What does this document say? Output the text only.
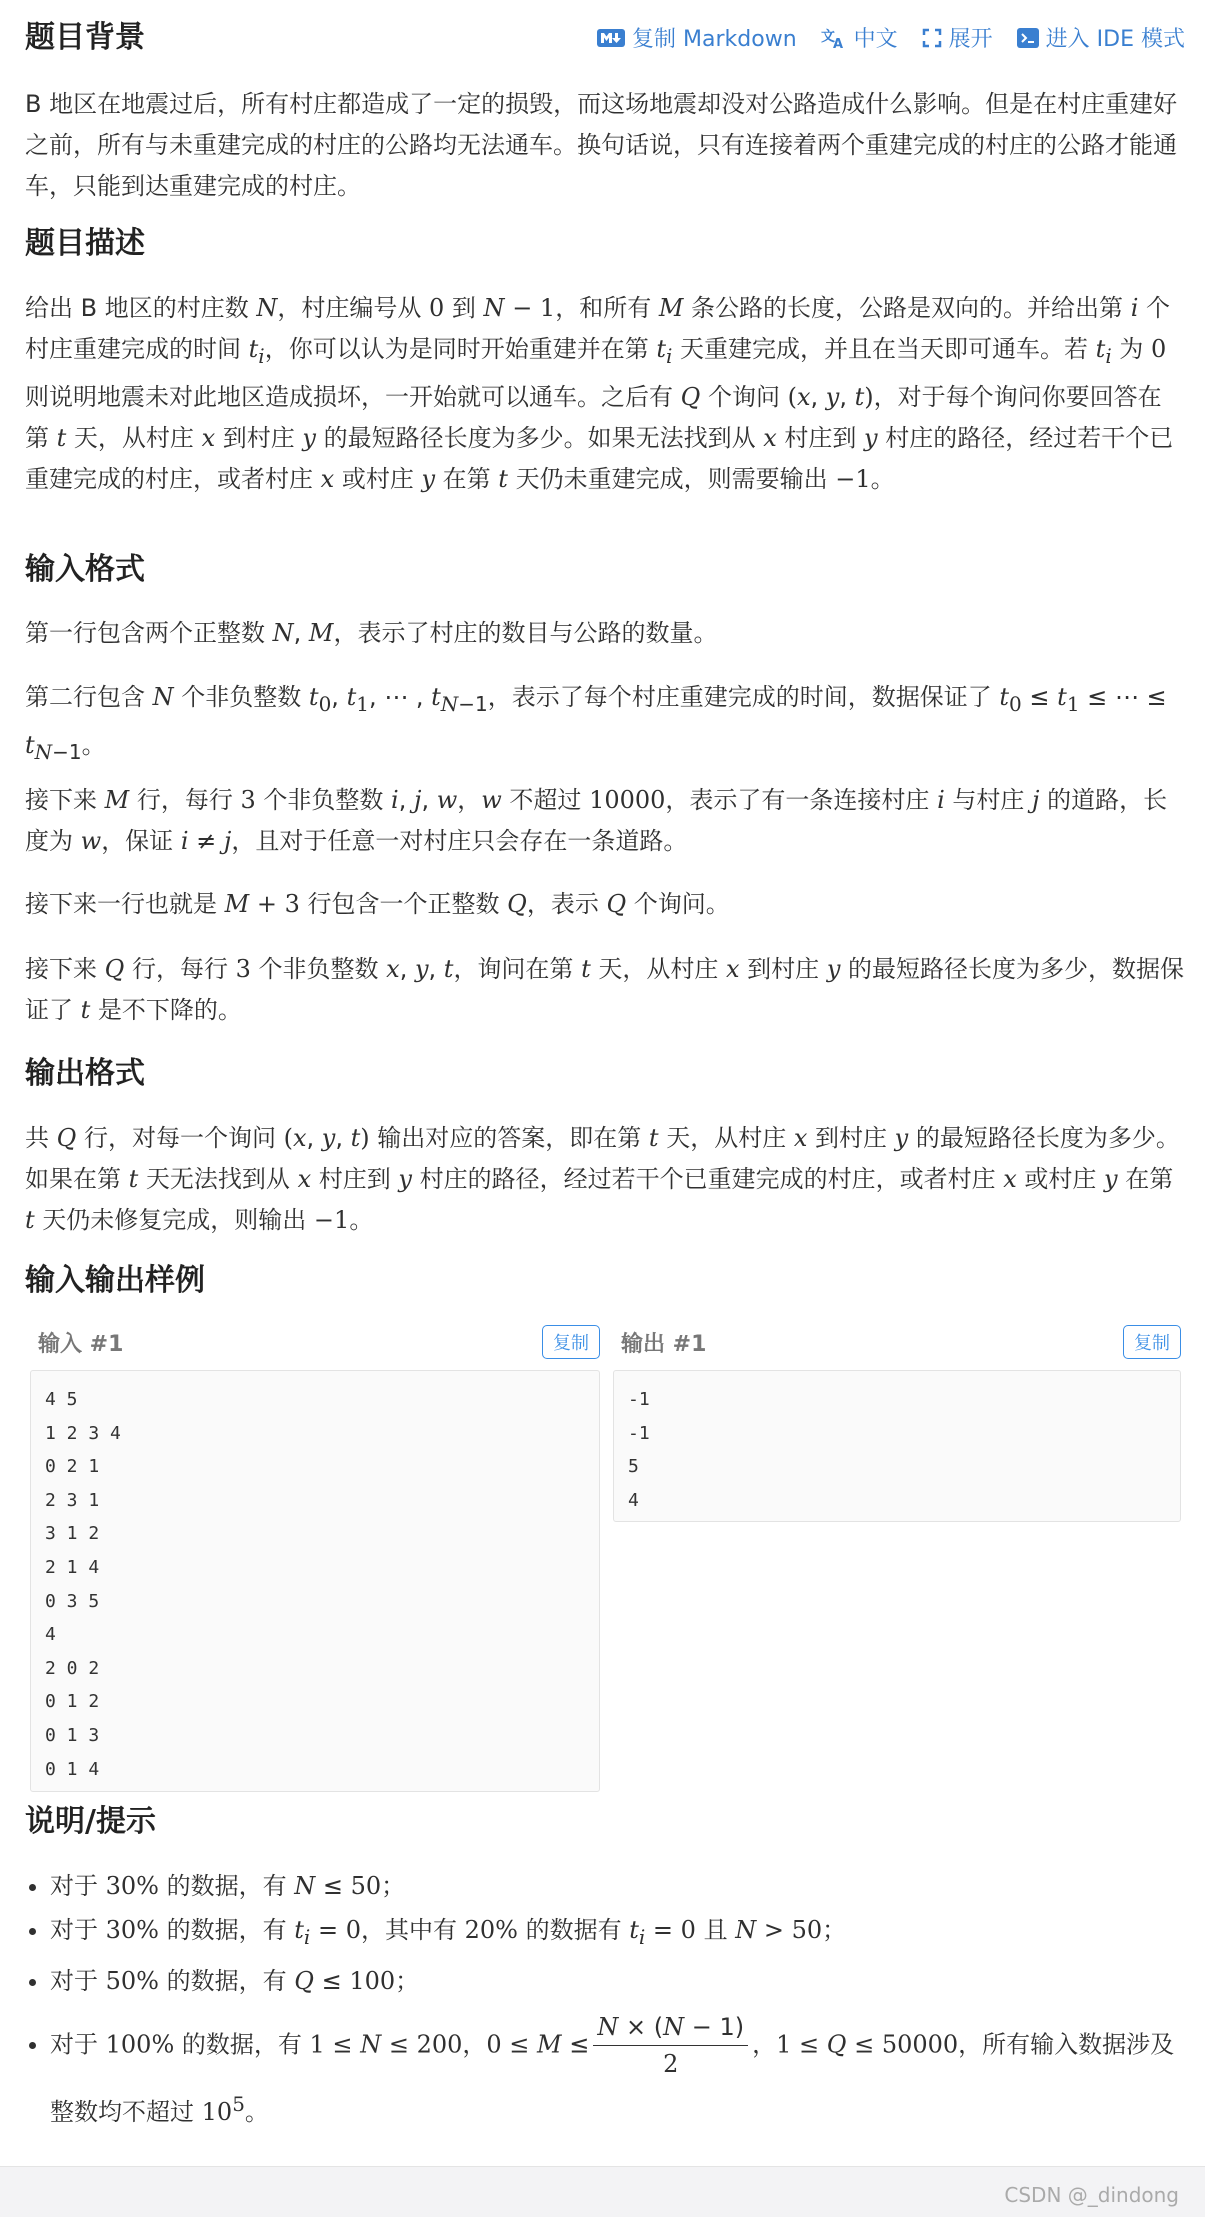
复制 Markdown 文
A 中文 展开 进入 IDE 模式
题目背景

B 地区在地震过后，所有村庄都造成了一定的损毁，而这场地震却没对公路造成什么影响。但是在村庄重建好之前，所有与未重建完成的村庄的公路均无法通车。换句话说，只有连接着两个重建完成的村庄的公路才能通车，只能到达重建完成的村庄。

题目描述

给出 B 地区的村庄数 N，村庄编号从 0 到 N − 1，和所有 M 条公路的长度，公路是双向的。并给出第 i 个村庄重建完成的时间 $t_i$，你可以认为是同时开始重建并在第 $t_i$ 天重建完成，并且在当天即可通车。若 $t_i$ 为 0 则说明地震未对此地区造成损坏，一开始就可以通车。之后有 Q 个询问 (x, y, t)，对于每个询问你要回答在第 t 天，从村庄 x 到村庄 y 的最短路径长度为多少。如果无法找到从 x 村庄到 y 村庄的路径，经过若干个已重建完成的村庄，或者村庄 x 或村庄 y 在第 t 天仍未重建完成，则需要输出 −1。

输入格式

第一行包含两个正整数 N, M，表示了村庄的数目与公路的数量。

第二行包含 N 个非负整数 $t_0$, $t_1$, ⋯ , $t_{N-1}$，表示了每个村庄重建完成的时间，数据保证了 $t_0 \le t_1$ ≤ ⋯ ≤ $t_{N-1}$。

接下来 M 行，每行 3 个非负整数 i, j, w，w 不超过 10000，表示了有一条连接村庄 i 与村庄 j 的道路，长度为 w，保证 i ≠ j，且对于任意一对村庄只会存在一条道路。

接下来一行也就是 M + 3 行包含一个正整数 Q，表示 Q 个询问。

接下来 Q 行，每行 3 个非负整数 x, y, t，询问在第 t 天，从村庄 x 到村庄 y 的最短路径长度为多少，数据保证了 t 是不下降的。

输出格式

共 Q 行，对每一个询问 (x, y, t) 输出对应的答案，即在第 t 天，从村庄 x 到村庄 y 的最短路径长度为多少。如果在第 t 天无法找到从 x 村庄到 y 村庄的路径，经过若干个已重建完成的村庄，或者村庄 x 或村庄 y 在第 t 天仍未修复完成，则输出 −1。

输入输出样例
输入 #1	复制
4 5
1 2 3 4
0 2 1
2 3 1
3 1 2
2 1 4
0 3 5
4
2 0 2
0 1 2
0 1 3
0 1 4
输出 #1	复制
-1
-1
5
4
说明/提示
• 对于 30% 的数据，有 N ≤ 50；
• 对于 30% 的数据，有 $t_i = 0$，其中有 20% 的数据有 $t_i = 0$ 且 N > 50；
• 对于 50% 的数据，有 Q ≤ 100；
• 对于 100% 的数据，有 1 ≤ N ≤ 200，$0 \le M \le \frac{N \times (N - 1)}{2}$ ，1 ≤ Q ≤ 50000，所有输入数据涉及整数均不超过 $10^5$。
CSDN @_dindong
